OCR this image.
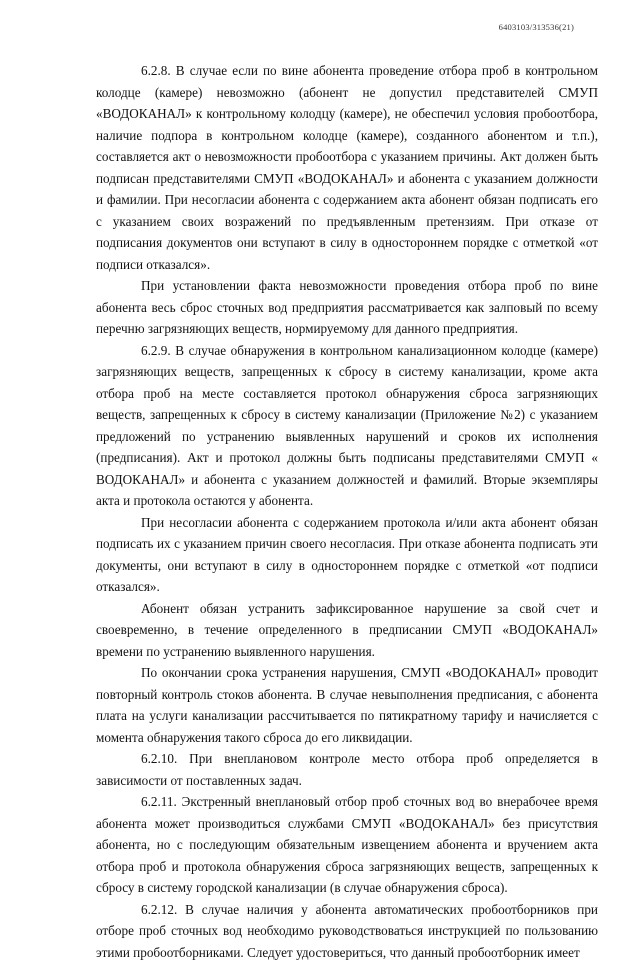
6403103/313536(21)

6.2.8. В случае если по вине абонента проведение отбора проб в контрольном колодце (камере) невозможно (абонент не допустил представителей СМУП «ВОДОКАНАЛ» к контрольному колодцу (камере), не обеспечил условия пробоотбора, наличие подпора в контрольном колодце (камере), созданного абонентом и т.п.), составляется акт о невозможности пробоотбора с указанием причины. Акт должен быть подписан представителями СМУП «ВОДОКАНАЛ» и абонента с указанием должности и фамилии. При несогласии абонента с содержанием акта абонент обязан подписать его с указанием своих возражений по предъявленным претензиям. При отказе от подписания документов они вступают в силу в одностороннем порядке с отметкой «от подписи отказался».

При установлении факта невозможности проведения отбора проб по вине абонента весь сброс сточных вод предприятия рассматривается как залповый по всему перечню загрязняющих веществ, нормируемому для данного предприятия.

6.2.9. В случае обнаружения в контрольном канализационном колодце (камере) загрязняющих веществ, запрещенных к сбросу в систему канализации, кроме акта отбора проб на месте составляется протокол обнаружения сброса загрязняющих веществ, запрещенных к сбросу в систему канализации (Приложение №2) с указанием предложений по устранению выявленных нарушений и сроков их исполнения (предписания). Акт и протокол должны быть подписаны представителями СМУП « ВОДОКАНАЛ» и абонента с указанием должностей и фамилий. Вторые экземпляры акта и протокола остаются у абонента.

При несогласии абонента с содержанием протокола и/или акта абонент обязан подписать их с указанием причин своего несогласия. При отказе абонента подписать эти документы, они вступают в силу в одностороннем порядке с отметкой «от подписи отказался».

Абонент обязан устранить зафиксированное нарушение за свой счет и своевременно, в течение определенного в предписании СМУП «ВОДОКАНАЛ» времени по устранению выявленного нарушения.

По окончании срока устранения нарушения, СМУП «ВОДОКАНАЛ» проводит повторный контроль стоков абонента. В случае невыполнения предписания, с абонента плата на услуги канализации рассчитывается по пятикратному тарифу и начисляется с момента обнаружения такого сброса до его ликвидации.

6.2.10. При внеплановом контроле место отбора проб определяется в зависимости от поставленных задач.

6.2.11. Экстренный внеплановый отбор проб сточных вод во внерабочее время абонента может производиться службами СМУП «ВОДОКАНАЛ» без присутствия абонента, но с последующим обязательным извещением абонента и вручением акта отбора проб и протокола обнаружения сброса загрязняющих веществ, запрещенных к сбросу в систему городской канализации (в случае обнаружения сброса).

6.2.12. В случае наличия у абонента автоматических пробоотборников при отборе проб сточных вод необходимо руководствоваться инструкцией по пользованию этими пробоотборниками. Следует удостовериться, что данный пробоотборник имеет
